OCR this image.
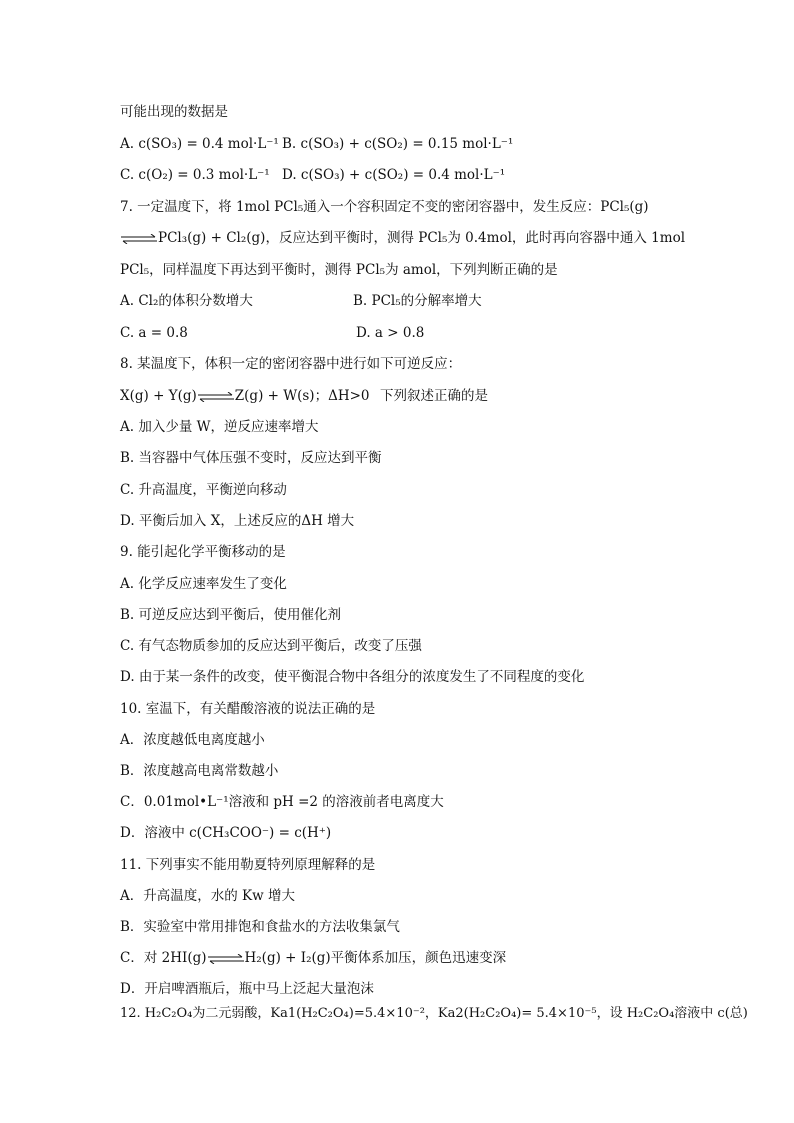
可能出现的数据是
A. c(SO₃) = 0.4 mol·L⁻¹ B. c(SO₃) + c(SO₂) = 0.15 mol·L⁻¹
C. c(O₂) = 0.3 mol·L⁻¹ D. c(SO₃) + c(SO₂) = 0.4 mol·L⁻¹
7. 一定温度下，将 1mol PCl₅通入一个容积固定不变的密闭容器中，发生反应：PCl₅(g)
⇌PCl₃(g) + Cl₂(g)，反应达到平衡时，测得 PCl₅为 0.4mol，此时再向容器中通入 1mol
PCl₅，同样温度下再达到平衡时，测得 PCl₅为 amol，下列判断正确的是
A. Cl₂的体积分数增大	B. PCl₅的分解率增大
C. a = 0.8	D. a > 0.8
8. 某温度下，体积一定的密闭容器中进行如下可逆反应：
X(g) + Y(g)⇌Z(g) + W(s)；ΔH>0 下列叙述正确的是
A. 加入少量 W，逆反应速率增大
B. 当容器中气体压强不变时，反应达到平衡
C. 升高温度，平衡逆向移动
D. 平衡后加入 X，上述反应的ΔH 增大
9. 能引起化学平衡移动的是
A. 化学反应速率发生了变化
B. 可逆反应达到平衡后，使用催化剂
C. 有气态物质参加的反应达到平衡后，改变了压强
D. 由于某一条件的改变，使平衡混合物中各组分的浓度发生了不同程度的变化
10. 室温下，有关醋酸溶液的说法正确的是
A．浓度越低电离度越小
B．浓度越高电离常数越小
C．0.01mol•L⁻¹溶液和 pH =2 的溶液前者电离度大
D．溶液中 c(CH₃COO⁻) = c(H⁺)
11. 下列事实不能用勒夏特列原理解释的是
A．升高温度，水的 Kw 增大
B．实验室中常用排饱和食盐水的方法收集氯气
C．对 2HI(g)⇌H₂(g) + I₂(g)平衡体系加压，颜色迅速变深
D．开启啤酒瓶后，瓶中马上泛起大量泡沫
12. H₂C₂O₄为二元弱酸，Ka1(H₂C₂O₄)=5.4×10⁻²，Ka2(H₂C₂O₄)= 5.4×10⁻⁵，设 H₂C₂O₄溶液中 c(总)
